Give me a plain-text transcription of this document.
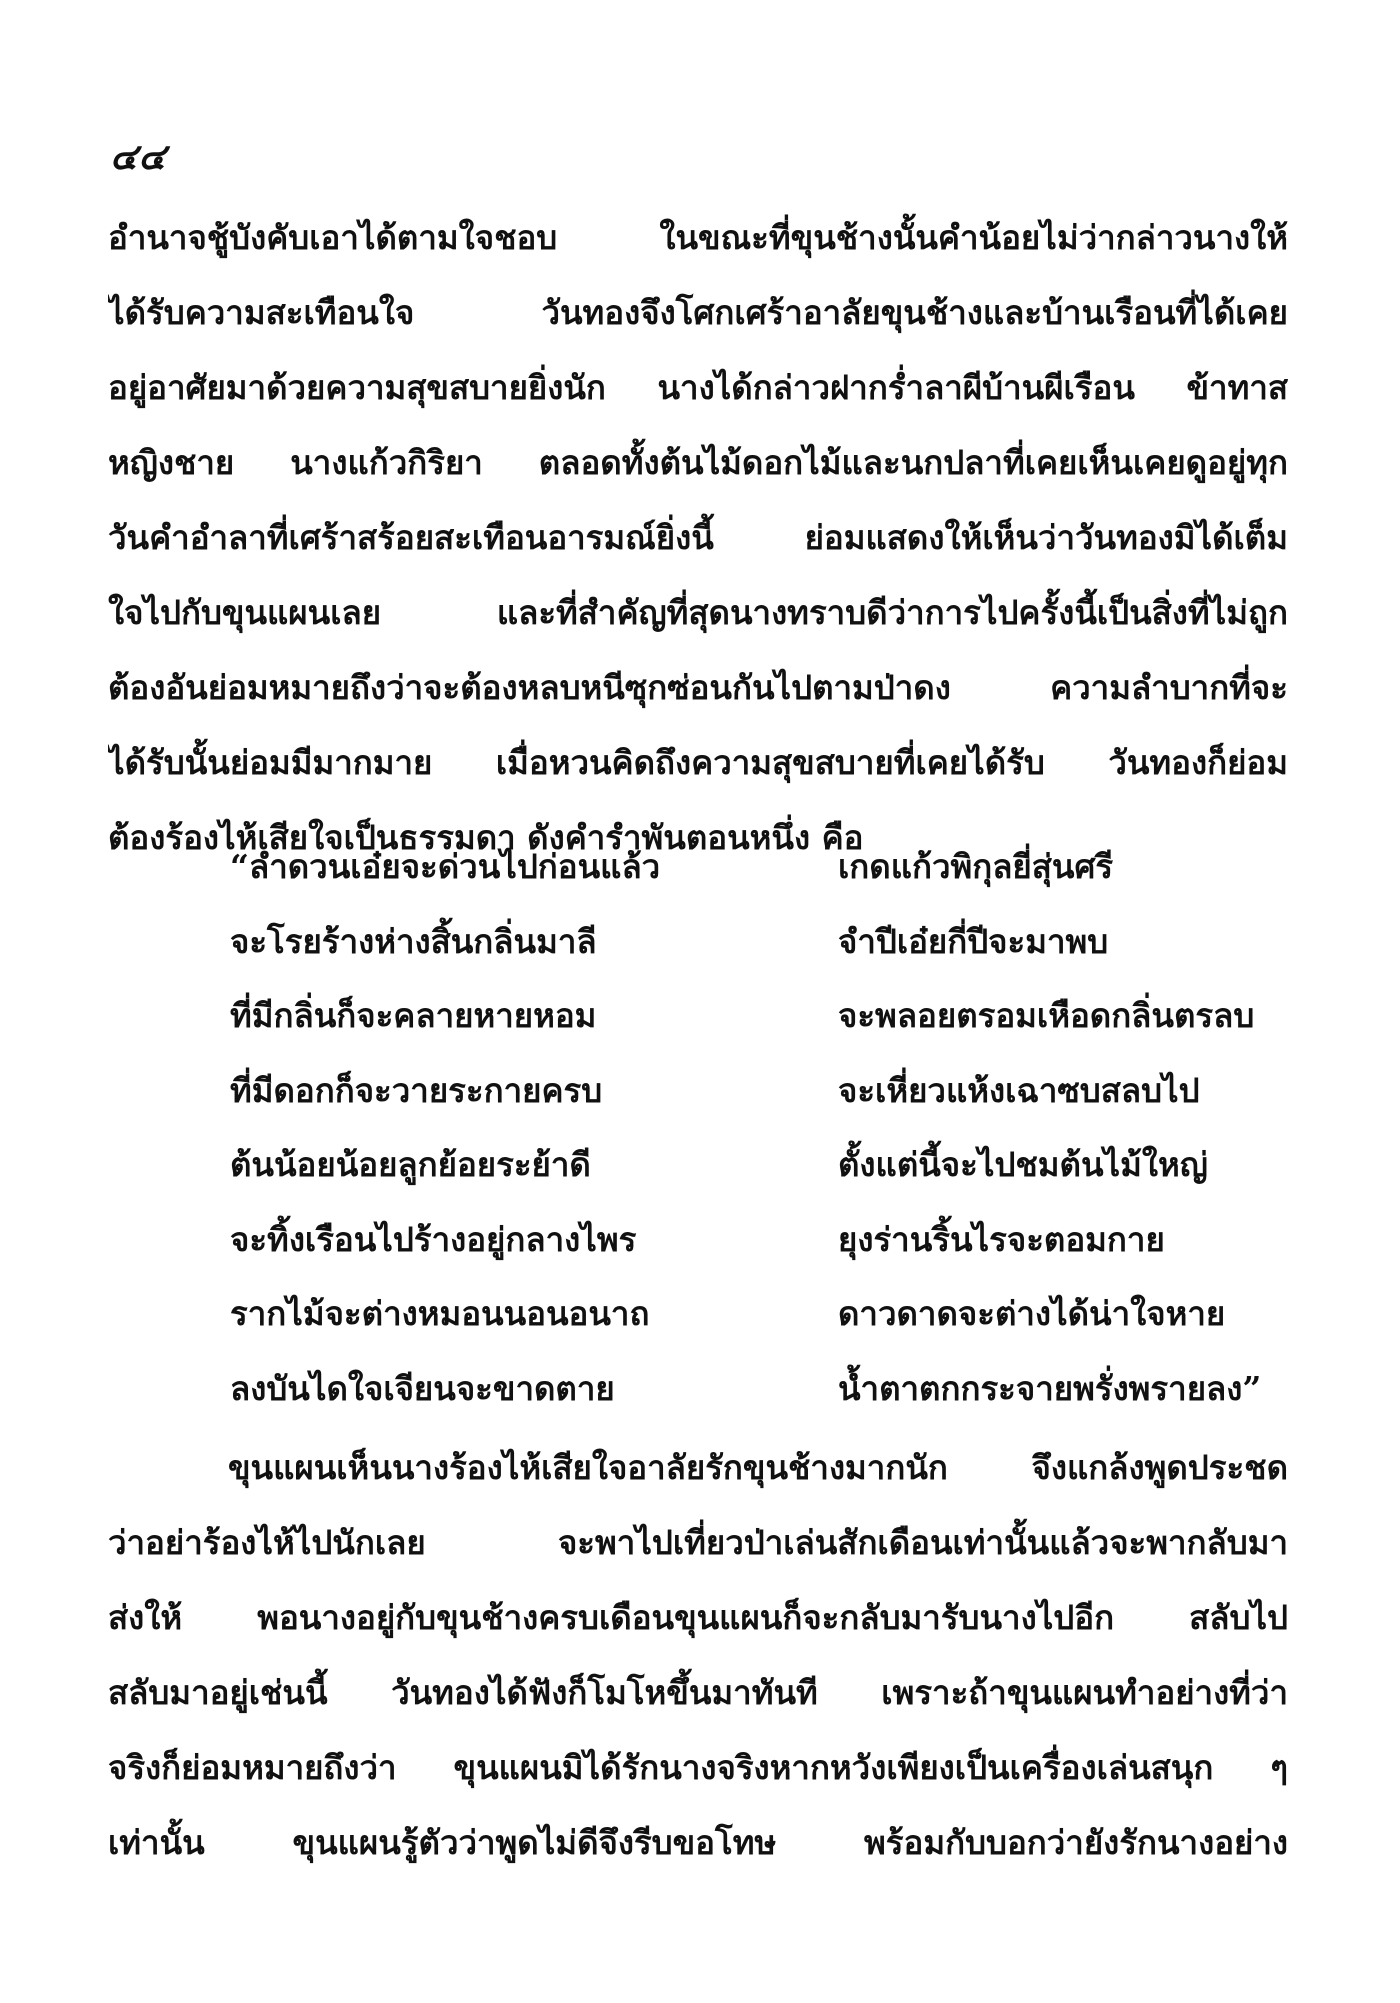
๔๔
อำนาจชู้บังคับเอาได้ตามใจชอบ ในขณะที่ขุนช้างนั้นคำน้อยไม่ว่ากล่าวนางให้
ได้รับความสะเทือนใจ วันทองจึงโศกเศร้าอาลัยขุนช้างและบ้านเรือนที่ได้เคย
อยู่อาศัยมาด้วยความสุขสบายยิ่งนัก นางได้กล่าวฝากร่ำลาผีบ้านผีเรือน ข้าทาส
หญิงชาย นางแก้วกิริยา ตลอดทั้งต้นไม้ดอกไม้และนกปลาที่เคยเห็นเคยดูอยู่ทุก
วันคำอำลาที่เศร้าสร้อยสะเทือนอารมณ์ยิ่งนี้ ย่อมแสดงให้เห็นว่าวันทองมิได้เต็ม
ใจไปกับขุนแผนเลย และที่สำคัญที่สุดนางทราบดีว่าการไปครั้งนี้เป็นสิ่งที่ไม่ถูก
ต้องอันย่อมหมายถึงว่าจะต้องหลบหนีซุกซ่อนกันไปตามป่าดง ความลำบากที่จะ
ได้รับนั้นย่อมมีมากมาย เมื่อหวนคิดถึงความสุขสบายที่เคยได้รับ วันทองก็ย่อม
ต้องร้องไห้เสียใจเป็นธรรมดา ดังคำรำพันตอนหนึ่ง คือ
“ลำดวนเอ๋ยจะด่วนไปก่อนแล้ว	เกดแก้วพิกุลยี่สุ่นศรี
จะโรยร้างห่างสิ้นกลิ่นมาลี	จำปีเอ๋ยกี่ปีจะมาพบ
ที่มีกลิ่นก็จะคลายหายหอม	จะพลอยตรอมเหือดกลิ่นตรลบ
ที่มีดอกก็จะวายระกายครบ	จะเหี่ยวแห้งเฉาซบสลบไป
ต้นน้อยน้อยลูกย้อยระย้าดี	ตั้งแต่นี้จะไปชมต้นไม้ใหญ่
จะทิ้งเรือนไปร้างอยู่กลางไพร	ยุงร่านริ้นไรจะตอมกาย
รากไม้จะต่างหมอนนอนอนาถ	ดาวดาดจะต่างได้น่าใจหาย
ลงบันไดใจเจียนจะขาดตาย	น้ำตาตกกระจายพรั่งพรายลง”
ขุนแผนเห็นนางร้องไห้เสียใจอาลัยรักขุนช้างมากนัก จึงแกล้งพูดประชด
ว่าอย่าร้องไห้ไปนักเลย จะพาไปเที่ยวป่าเล่นสักเดือนเท่านั้นแล้วจะพากลับมา
ส่งให้ พอนางอยู่กับขุนช้างครบเดือนขุนแผนก็จะกลับมารับนางไปอีก สลับไป
สลับมาอยู่เช่นนี้ วันทองได้ฟังก็โมโหขึ้นมาทันที เพราะถ้าขุนแผนทำอย่างที่ว่า
จริงก็ย่อมหมายถึงว่า ขุนแผนมิได้รักนางจริงหากหวังเพียงเป็นเครื่องเล่นสนุก ๆ
เท่านั้น ขุนแผนรู้ตัวว่าพูดไม่ดีจึงรีบขอโทษ พร้อมกับบอกว่ายังรักนางอย่าง
